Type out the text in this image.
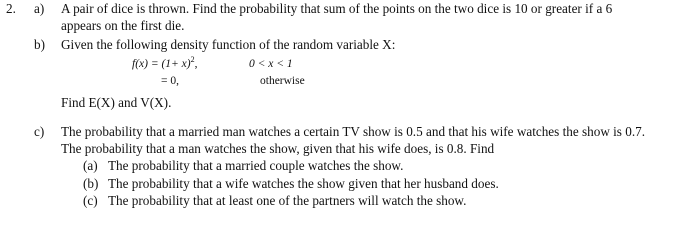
2. a) A pair of dice is thrown. Find the probability that sum of the points on the two dice is 10 or greater if a 6
appears on the first die.
b) Given the following density function of the random variable X:
$f(x) = (1+ x)^2$,	0 < x < 1
= 0,	otherwise
Find E(X) and V(X).
c) The probability that a married man watches a certain TV show is 0.5 and that his wife watches the show is 0.7.
The probability that a man watches the show, given that his wife does, is 0.8. Find
(a) The probability that a married couple watches the show.
(b) The probability that a wife watches the show given that her husband does.
(c) The probability that at least one of the partners will watch the show.
